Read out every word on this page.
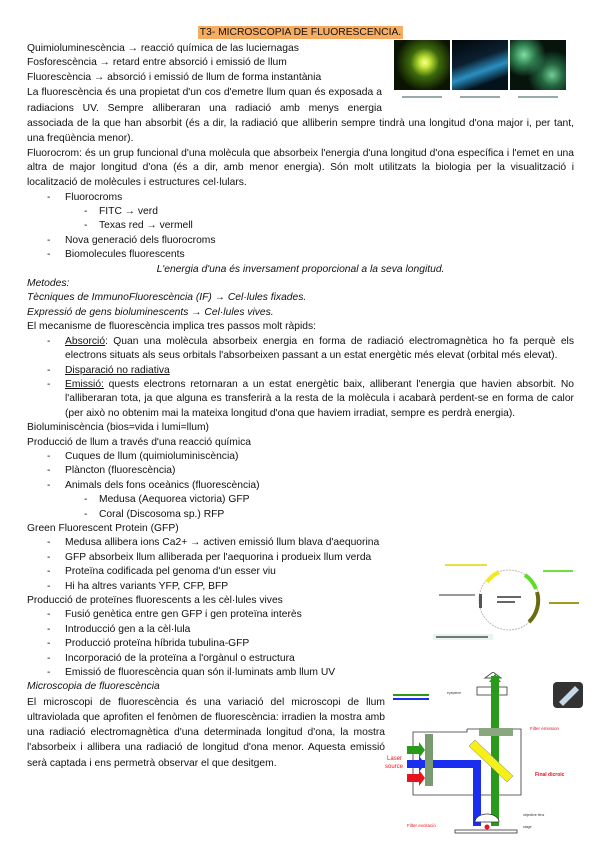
T3- MICROSCOPIA DE FLUORESCENCIA.

Quimioluminescència → reacció química de las luciernagas
Fosforescència → retard entre absorció i emissió de llum
Fluorescència → absorció i emissió de llum de forma instantània
La fluorescència és una propietat d'un cos d'emetre llum quan és exposada a radiacions UV. Sempre alliberaran una radiació amb menys energia associada de la que han absorbit (és a dir, la radiació que alliberin sempre tindrà una longitud d'ona major i, per tant, una freqüència menor).
Fluorocrom: és un grup funcional d'una molècula que absorbeix l'energia d'una longitud d'ona específica i l'emet en una altra de major longitud d'ona (és a dir, amb menor energia). Són molt utilitzats la biologia per la visualització i localització de molècules i estructures cel·lulars.
- Fluorocroms
- FITC → verd
- Texas red → vermell
- Nova generació dels fluorocroms
- Biomolecules fluorescents
L'energia d'una és inversament proporcional a la seva longitud.
Metodes:
Tècniques de ImmunoFluorescència (IF) → Cel·lules fixades.
Expressió de gens bioluminescents → Cel·lules vives.
El mecanisme de fluorescència implica tres passos molt ràpids:
- Absorció: Quan una molècula absorbeix energia en forma de radiació electromagnètica ho fa perquè els electrons situats als seus orbitals l'absorbeixen passant a un estat energètic més elevat (orbital més elevat).
- Disparació no radiativa
- Emissió: quests electrons retornaran a un estat energètic baix, alliberant l'energia que havien absorbit. No l'alliberaran tota, ja que alguna es transferirà a la resta de la molècula i acabarà perdent-se en forma de calor (per això no obtenim mai la mateixa longitud d'ona que haviem irradiat, sempre es perdrà energia).
Bioluminiscència (bios=vida i lumi=llum)
Producció de llum a través d'una reacció química
- Cuques de llum (quimioluminiscència)
- Plàncton (fluorescència)
- Animals dels fons oceànics (fluorescència)
- Medusa (Aequorea victoria) GFP
- Coral (Discosoma sp.) RFP
Green Fluorescent Protein (GFP)
- Medusa allibera ions Ca2+ → activen emissió llum blava d'aequorina
- GFP absorbeix llum alliberada per l'aequorina i produeix llum verda
- Proteïna codificada pel genoma d'un esser viu
- Hi ha altres variants YFP, CFP, BFP
Producció de proteïnes fluorescents a les cèl·lules vives
- Fusió genètica entre gen GFP i gen proteïna interès
- Introducció gen a la cèl·lula
- Producció proteïna híbrida tubulina-GFP
- Incorporació de la proteïna a l'orgànul o estructura
- Emissió de fluorescència quan són il·luminats amb llum UV
Microscopia de fluorescència
El microscopi de fluorescència és una variació del microscopi de llum ultraviolada que aprofiten el fenòmen de fluorescència: irradien la mostra amb una radiació electromagnètica d'una determinada longitud d'ona, la mostra l'absorbeix i allibera una radiació de longitud d'ona menor. Aquesta emissió serà captada i ens permetrà observar el que desitgem.	Laser
source
Filter emission
Final dicroic
Filter excitació
eyepiece
objective lens
stage
